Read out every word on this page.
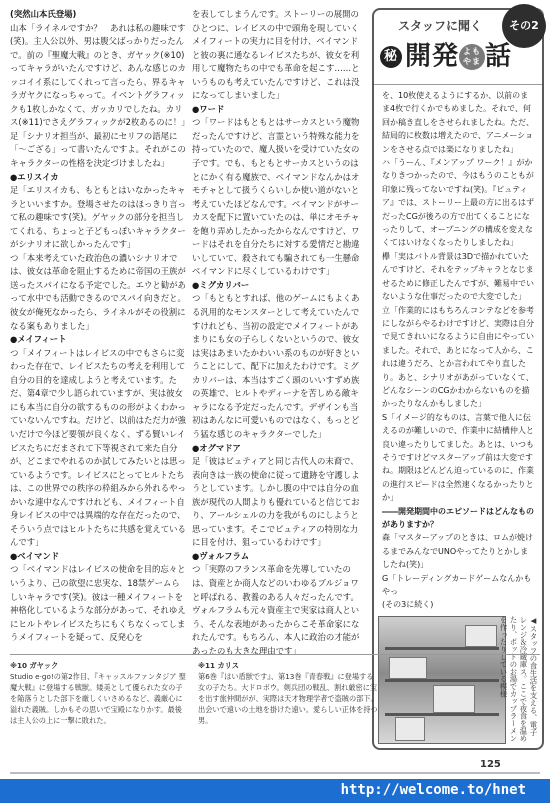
(突然山本氏登場)

山本「ライネルですか？　あれは私の趣味です(笑)。主人公以外、男は腹父ばっかりだったんで。前の『聖魔大戦』のとき、ガヤック(※10)ってキャラがいたんですけど、あんな感じのカッコイイ系にしてくれって言ったら、界るキャラガヤクになっちゃって。イベントグラフィックも1枚しかなくて、ガッカリでしたね。カリス(※11)でさえグラフィックが2枚あるのに！」

足「シナリオ担当が、最初にセリフの語尾に「〜ござる」って書いたんですよ。それがこのキャラクターの性格を決定づけましたね」

●エリスイカ

足「エリスイカも、もともとはいなかったキャラといいますか。登場させたのはほっきり言って私の趣味です(笑)。ゲヤックの部分を担当してくれる、ちょっと子どもっぽいキャラクターがシナリオに欲しかったんです」

つ「本来考えていた政治色の濃いシナリオでは、彼女は革命を阻止するために帝国の王族が送ったスパイになる予定でした。エウと勧があって水中でも活動できるのでスパイ向きだと。彼女が俺死なかったら、ライネルがその役割になる案もありました」

●メイフィート

つ「メイフィートはレイビスの中でもさらに変わった存在で、レイビスたちの考えを利用して自分の目的を達成しようと考えています。ただ、第4章で少し語られていますが、実は彼女にも本当に自分の欲するものの形がよくわかっていないんですね。だけど、以前はただ力が強いだけで今ほど要領が良くなく、ずる賢いレイビスたちにだまされて下等視されて来た自分が、どこまでやれるのか試してみたいとは思っているようです。レイビスにとってヒルトたちは、この世界での秩序の枠組みから外れるやっかいな連中なんですけれども、メイフィート自身レイビスの中では異端的な存在だったので、そういう点ではヒルトたちに共感を覚えているんです」

●ベイマンド

つ「ベイマンドはレイビスの使命を目的忘々というより、己の欲望に忠実な、18禁ゲームらしいキャラです(笑)。彼は一種メイフィートを神格化しているような部分があって、それゆえにヒルトやレイビスたちにもくちなくってしまうメイフィートを疑って、反発心を

を表してしまうんです。ストーリーの展開のひとつに、レイビスの中で頭角を現していくメイフィートの実力に目を付け、ベイマンドと彼の裏に通なるレイビスたちが、彼女を利用して魔物たちの中でも革命を起こす……というものも考えていたんですけど、これは没になってしまいました」

●ワード

つ「ワードはもともとはサーカスという魔物だったんですけど、言霊という特殊な能力を持っていたので、魔人扱いを受けていた女の子です。でも、もともとサーカスというのはとにかく有る魔族で、ベイマンドなんかはオモチャとして扱うくらいしか使い道がないと考えていたほどなんです。ベイマンドがサーカスを配下に置いていたのは、単にオモチャを飽り弄めしたかったからなんですけど、ワードはそれを自分たちに対する愛情だと勘違いしていて、殺されても騙されても一生懸命ベイマンドに尽くしているわけです」

●ミグカリバー

つ「もともとすれば、他のゲームにもよくある汎用的なモンスターとして考えていたんですけれども、当初の設定でメイフィートがあまりにも女の子らしくないというので、彼女は実はあまいたかわいい系のものが好きということにして、配下に加えたわけです。ミグカリバーは、本当はすごく頭のいいすずめ族の英雄で、ヒルトやディーナを苦しめる敵キャラになる予定だったんです。デザインも当初はあんなに可愛いものではなく、もっとどう猛な感じのキャラクターでした」

●オグマドア

足「彼はビュティアと同じ古代人の末裔で、表向きは一族の使命に従って遺跡を守護しようとしています。しかし腹の中では自分の血族が現代の人間よりも優れていると信じており、アールシェルの力を我がものにしようと思っています。そこでビュティアの特別な力に目を付け、狙っているわけです」

●ヴォルフラム

つ「実際のフランス革命を先導していたのは、資産とか商人などのいわゆるブルジョワと呼ばれる、教養のある人々だったんです。ヴォルフラムも元々資産主で実家は商人という、そんな表地があったからこそ革命家になれたんです。もちろん、本人に政治の才能があったのも大きな理由です」

スタッフに聞く
秘 開発 よも やま 話
その2

を、10枚使えるようにするか、以前のまま4枚で行くかでもめました。それで、何回か稿き直しをさせられましたね。ただ、結局的に枚数は増えたので、アニメーションをさせる点では楽になりましたね」

ハ「うーん、『メンアップ ワーク！』がかなりきつかったので、今はもうのこともが印象に残ってないですね(笑)。『ピュティア』では、ストーリー上最の方に出るはずだったCGが後ろの方で出てくることになったりして、オープニングの構成を変えなくてはいけなくなったりしましたね」

欅「実はバトル背景は3Dで描かれていたんですけど、それをテップキャラとなじませるために修正したんですが、難易中でいないような仕事だったので大変でした」

立「作業的にはもちろんコンテなどを参考にしながらやるわけですけど、実際は自分で見てきれいになるように自由にやっていました。それで、あとになって人から、これは違うだろ、とか言われてやり直したり。あと、シナリオがあがっていなくて、どんなシーンのCGかわからないものを描かったりなんかもしました」

S「イメージ的なものは、言葉で他人に伝えるのが難しいので、作業中に結構仲人と良い違ったりしてました。あとは、いつもそうですけどマスターアップ前は大変ですね。期限はどんどん迫っているのに、作業の進行スピードは全然速くなるかったりとか」

――開発期間中のエピソードはどんなものがありますか？

森「マスターアップのときは、ロムが焼けるまでみんなでUNOやってたりとかしましたね(笑)」

G「トレーディングカードゲームなんかもやっ

(その3に続く)

◀スタッフの食生活を支える、電子レンジ＆冷蔵庫ス。ここで夜食を温めたり、ポットのお湯でカップラーメンを作ったりしている模様
※10 ガヤック
Studio e·go!の第2作目、『キャッスルファンタジア 聖魔大戦』に登場する戦獣。矮美として優られた女の子を陥落うとした部下を厳しくいさめるなど、義厳心に溢れた義賊。しかもその思いで宝殿になりかす。最後は主人公の上に一撃に敗れた。
※11 カリス
第6巻『はい盾獣です』、第13巻『青春戦』に登場する女の子たち。大ドロボウ。剣兵団の戦乱、割れ厳密に宝を出す旅仲間がが、実際は天才物理学者で盗賊の部下。出会いで遠いの土地を掛けた遠い。愛らしい正体を持つ男。
125
http://welcome.to/hnet
